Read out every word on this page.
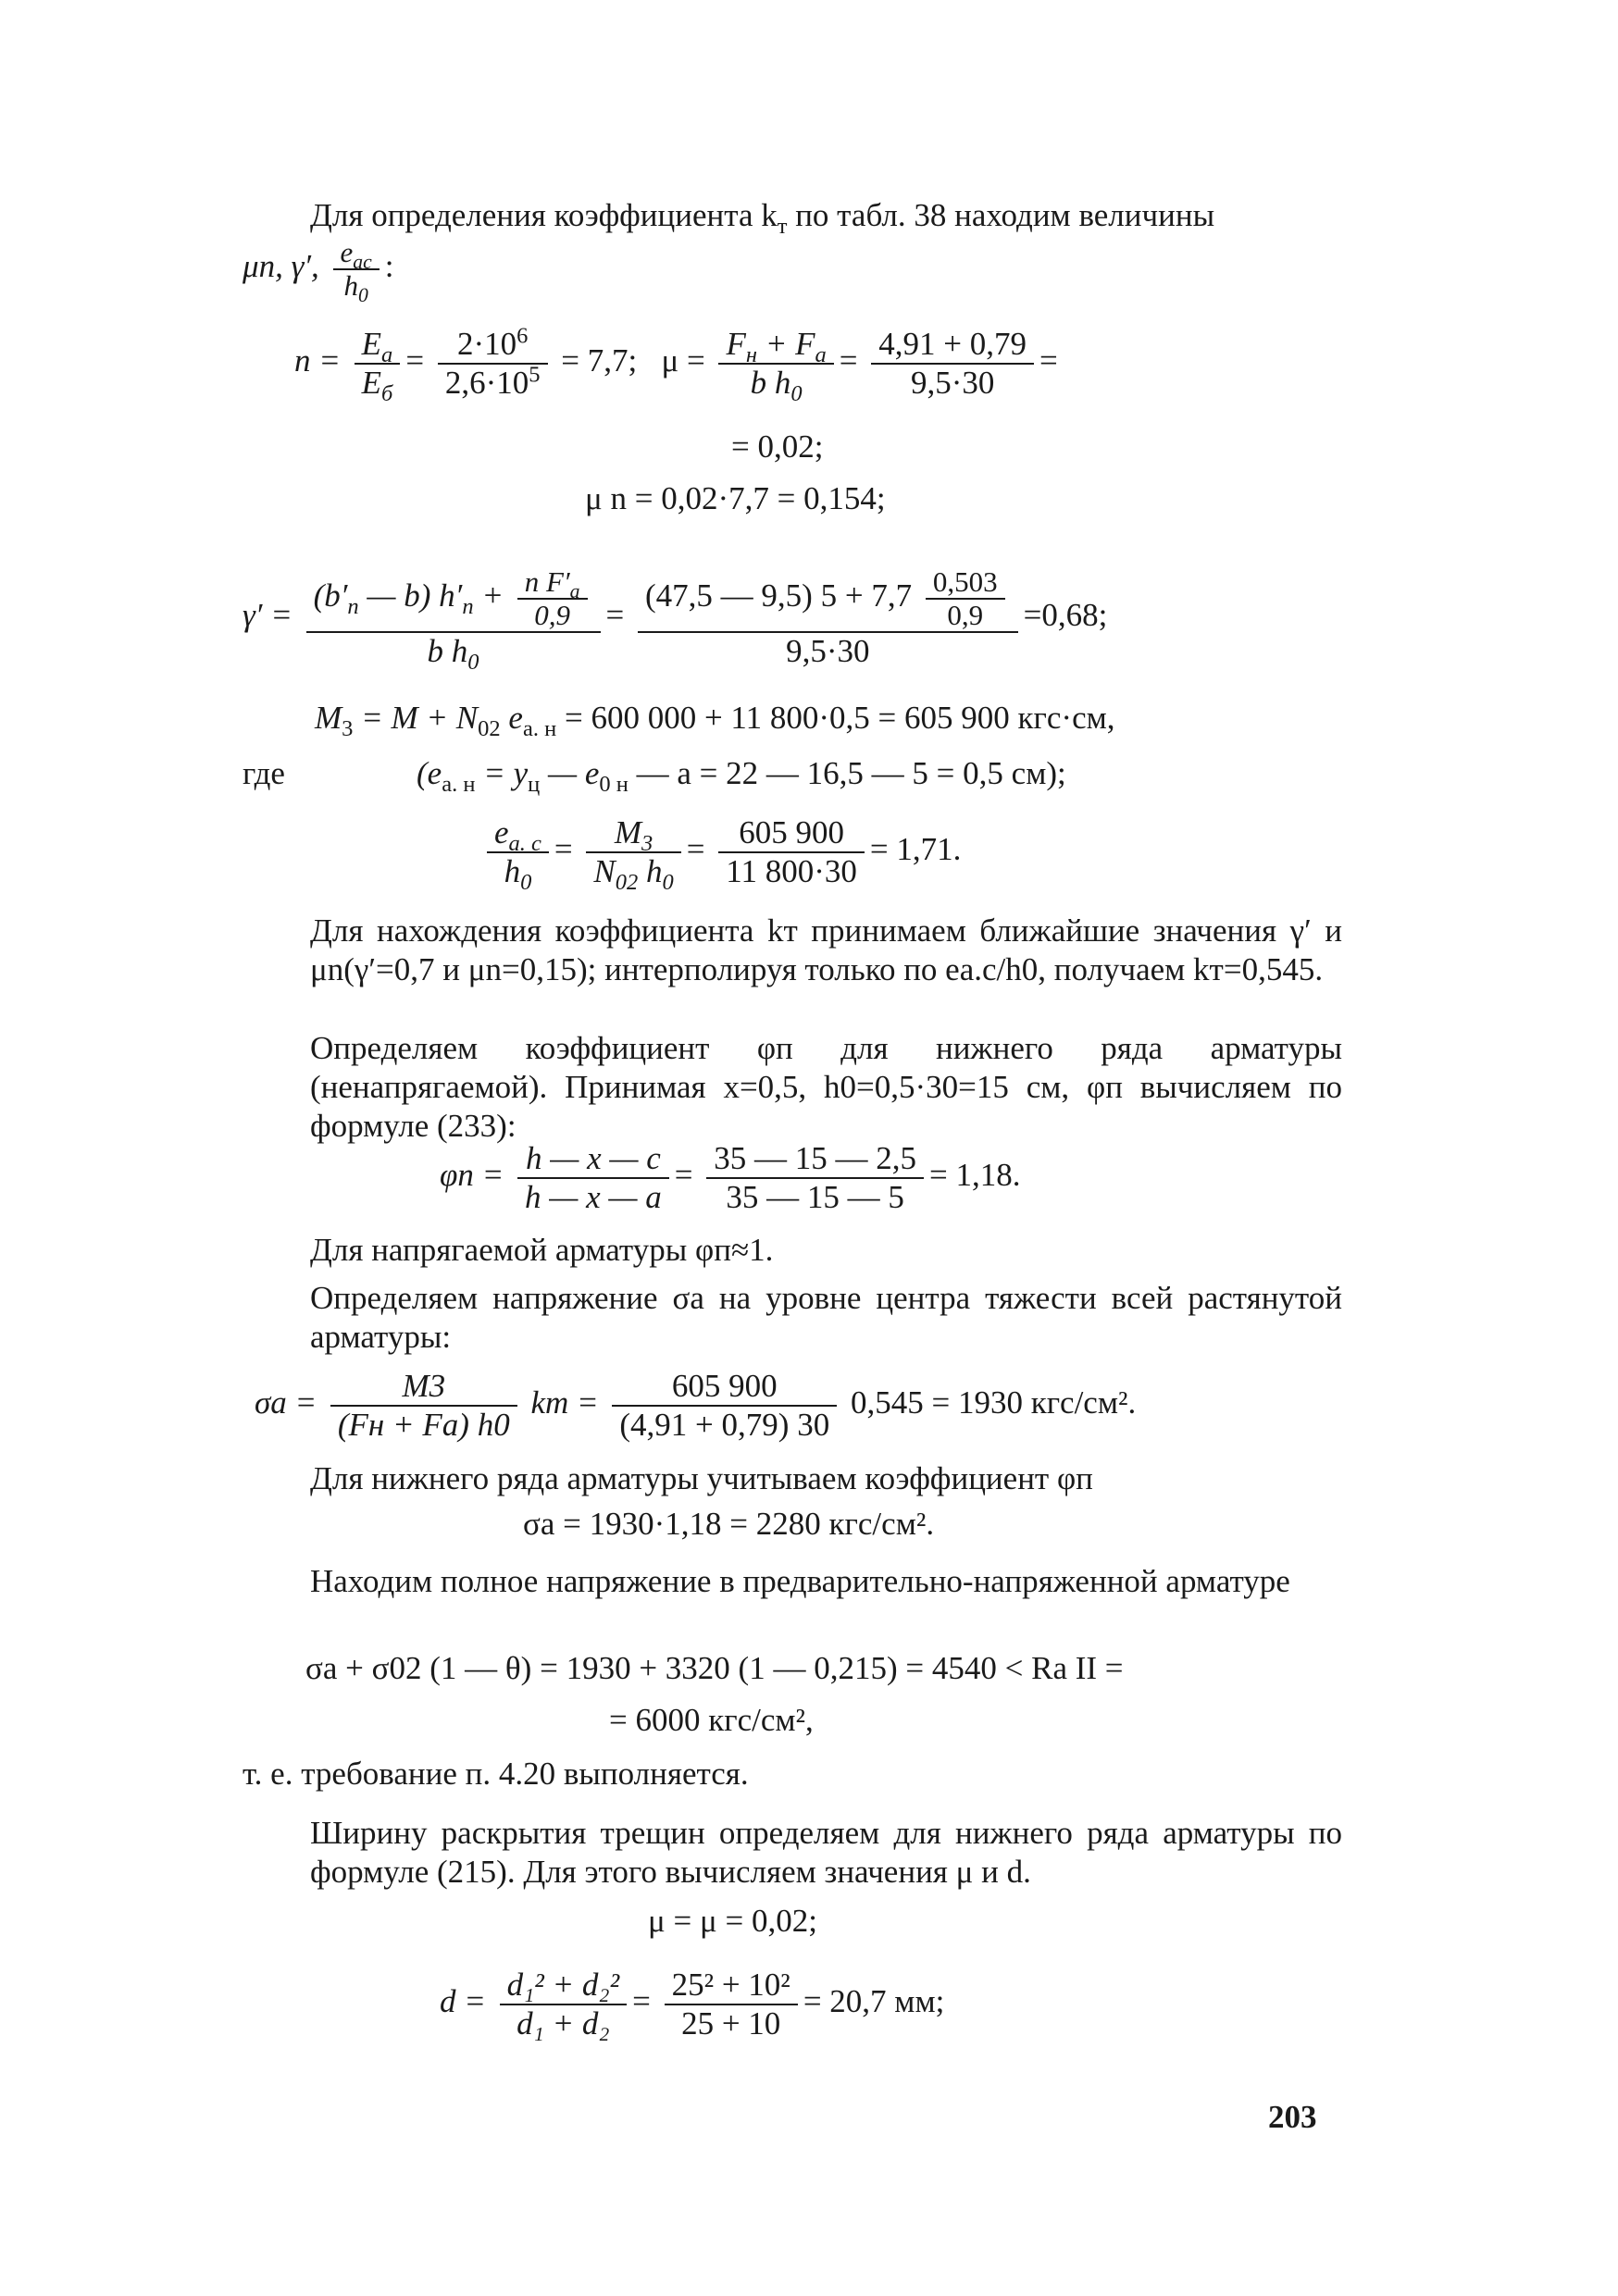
Для определения коэффициента $k_т$ по табл. 38 находим величины
μn, γ′, $\frac{e_{ac}}{h_0}$ :
$n = \frac{E_a}{E_б} = \frac{2\cdot 10^6}{2,6\cdot 10^5} = 7,7$; $\mu = \frac{F_н + F_a}{b h_0} = \frac{4,91 + 0,79}{9,5\cdot 30}$ =
= 0,02;
μ n = 0,02·7,7 = 0,154;
$\gamma' = \frac{(b'_п — b) h'_п + \frac{n F'_a}{0,9}}{b h_0} = \frac{(47,5 — 9,5) 5 + 7,7 \frac{0,503}{0,9}}{9,5\cdot 30} =0,68$;
$M_3 = M + N_{02}$ $e_{a. н} = 600$ 000 + 11 800·0,5 = 605 900 кгс·см,
где	($e_{a. н} = y_ц$ — $e_{0 н}$ — a = 22 — 16,5 — 5 = 0,5 см);
$\frac{e_{a. c}}{h_0} = \frac{M_3}{N_{02} h_0} = \frac{605 900}{11 800\cdot 30} = 1,71$.
Для нахождения коэффициента kт принимаем ближайшие значения γ′ и μn(γ′=0,7 и μn=0,15); интерполируя только по ea.c/h0, получаем kт=0,545.
Определяем коэффициент φп для нижнего ряда арматуры (ненапрягаемой). Принимая x=0,5, h0=0,5·30=15 см, φп вычисляем по формуле (233):
$\varphi п = \frac{h — x — c}{h — x — a} = \frac{35 — 15 — 2,5}{35 — 15 — 5} = 1,18$.
Для напрягаемой арматуры φп≈1.
Определяем напряжение σa на уровне центра тяжести всей растянутой арматуры:
$\sigma a = \frac{M3}{(Fн + Fa) h0}$ kт = $\frac{605 900}{(4,91 + 0,79) 30} 0,545 = 1930$ кгс/см².
Для нижнего ряда арматуры учитываем коэффициент φп
σa = 1930·1,18 = 2280 кгс/см².
Находим полное напряжение в предварительно-напряженной арматуре
σa + σ02 (1 — θ) = 1930 + 3320 (1 — 0,215) = 4540 < Ra II =
= 6000 кгс/см²,
т. е. требование п. 4.20 выполняется.
Ширину раскрытия трещин определяем для нижнего ряда арматуры по формуле (215). Для этого вычисляем значения μ и d.
μ = μ = 0,02;
$d = \frac{\text{d₁² + d₂²}}{\text{d₁ + d₂}} = \frac{\text{25² + 10²}}{25 + 10} = 20,7$ мм;
203
